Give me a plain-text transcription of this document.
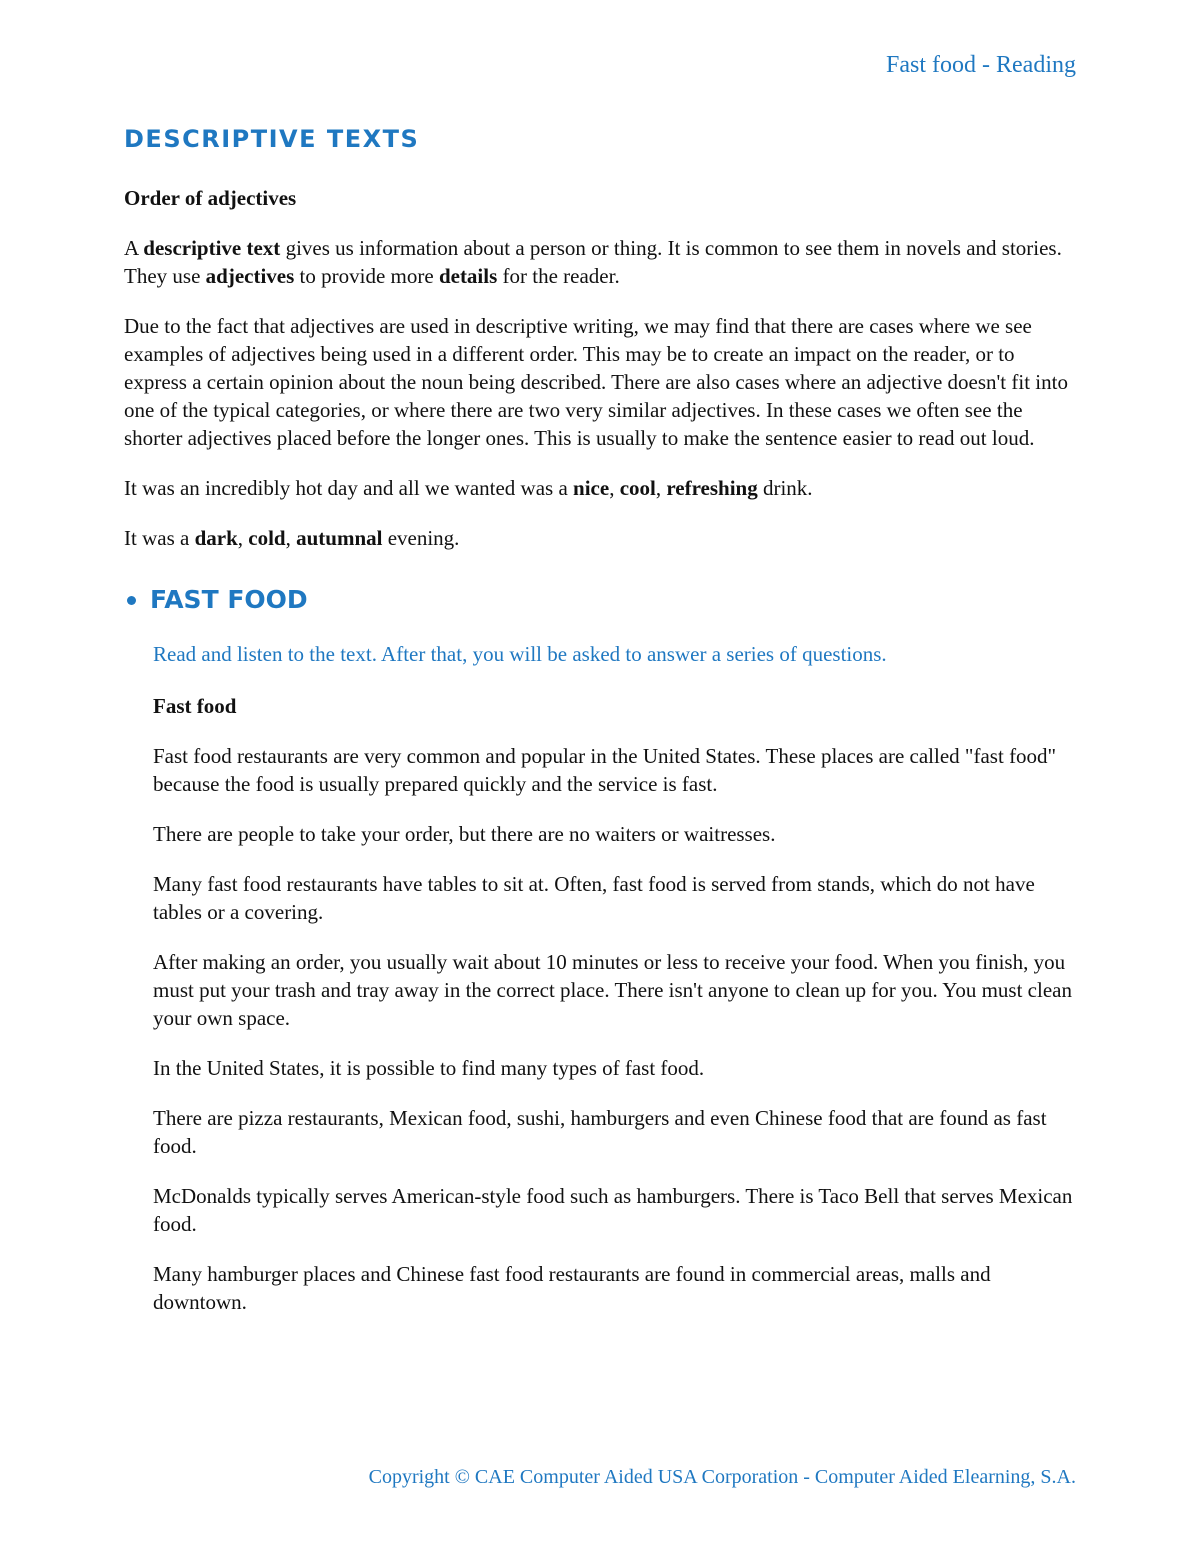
Fast food - Reading
DESCRIPTIVE TEXTS
Order of adjectives

A descriptive text gives us information about a person or thing. It is common to see them in novels and stories. They use adjectives to provide more details for the reader.

Due to the fact that adjectives are used in descriptive writing, we may find that there are cases where we see examples of adjectives being used in a different order. This may be to create an impact on the reader, or to express a certain opinion about the noun being described. There are also cases where an adjective doesn't fit into one of the typical categories, or where there are two very similar adjectives. In these cases we often see the shorter adjectives placed before the longer ones. This is usually to make the sentence easier to read out loud.

It was an incredibly hot day and all we wanted was a nice, cool, refreshing drink.

It was a dark, cold, autumnal evening.

FAST FOOD
Read and listen to the text. After that, you will be asked to answer a series of questions.
Fast food

Fast food restaurants are very common and popular in the United States. These places are called "fast food" because the food is usually prepared quickly and the service is fast.

There are people to take your order, but there are no waiters or waitresses.

Many fast food restaurants have tables to sit at. Often, fast food is served from stands, which do not have tables or a covering.

After making an order, you usually wait about 10 minutes or less to receive your food. When you finish, you must put your trash and tray away in the correct place. There isn't anyone to clean up for you. You must clean your own space.

In the United States, it is possible to find many types of fast food.

There are pizza restaurants, Mexican food, sushi, hamburgers and even Chinese food that are found as fast food.

McDonalds typically serves American-style food such as hamburgers. There is Taco Bell that serves Mexican food.

Many hamburger places and Chinese fast food restaurants are found in commercial areas, malls and downtown.

Copyright © CAE Computer Aided USA Corporation - Computer Aided Elearning, S.A.
